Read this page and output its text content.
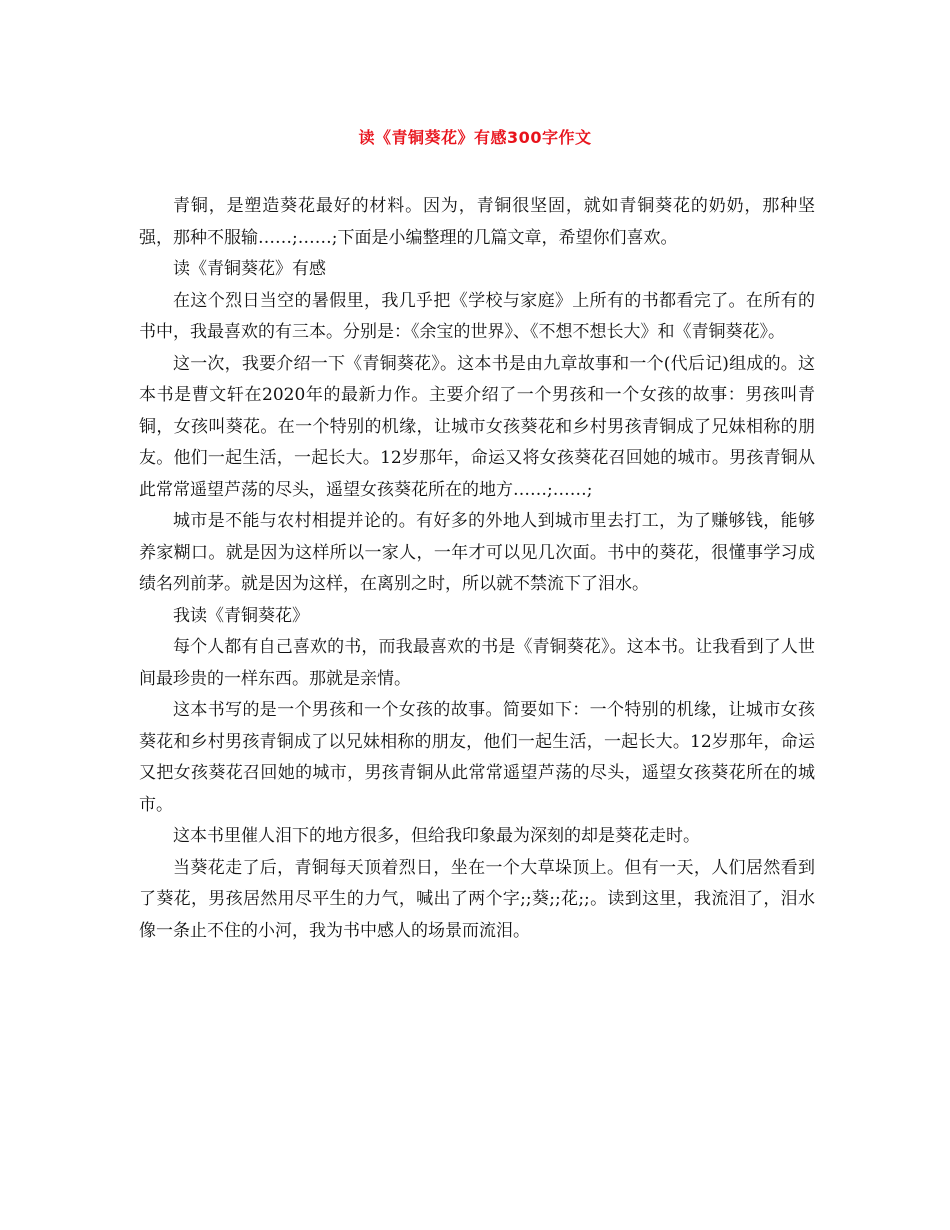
读《青铜葵花》有感300字作文

青铜，是塑造葵花最好的材料。因为，青铜很坚固，就如青铜葵花的奶奶，那种坚强，那种不服输……;……;下面是小编整理的几篇文章，希望你们喜欢。

读《青铜葵花》有感

在这个烈日当空的暑假里，我几乎把《学校与家庭》上所有的书都看完了。在所有的书中，我最喜欢的有三本。分别是：《余宝的世界》、《不想不想长大》和《青铜葵花》。

这一次，我要介绍一下《青铜葵花》。这本书是由九章故事和一个(代后记)组成的。这本书是曹文轩在2020年的最新力作。主要介绍了一个男孩和一个女孩的故事：男孩叫青铜，女孩叫葵花。在一个特别的机缘，让城市女孩葵花和乡村男孩青铜成了兄妹相称的朋友。他们一起生活，一起长大。12岁那年，命运又将女孩葵花召回她的城市。男孩青铜从此常常遥望芦荡的尽头，遥望女孩葵花所在的地方……;……;

城市是不能与农村相提并论的。有好多的外地人到城市里去打工，为了赚够钱，能够养家糊口。就是因为这样所以一家人，一年才可以见几次面。书中的葵花，很懂事学习成绩名列前茅。就是因为这样，在离别之时，所以就不禁流下了泪水。

我读《青铜葵花》

每个人都有自己喜欢的书，而我最喜欢的书是《青铜葵花》。这本书。让我看到了人世间最珍贵的一样东西。那就是亲情。

这本书写的是一个男孩和一个女孩的故事。简要如下：一个特别的机缘，让城市女孩葵花和乡村男孩青铜成了以兄妹相称的朋友，他们一起生活，一起长大。12岁那年，命运又把女孩葵花召回她的城市，男孩青铜从此常常遥望芦荡的尽头，遥望女孩葵花所在的城市。

这本书里催人泪下的地方很多，但给我印象最为深刻的却是葵花走时。

当葵花走了后，青铜每天顶着烈日，坐在一个大草垛顶上。但有一天，人们居然看到了葵花，男孩居然用尽平生的力气，喊出了两个字;;葵;;花;;。读到这里，我流泪了，泪水像一条止不住的小河，我为书中感人的场景而流泪。
